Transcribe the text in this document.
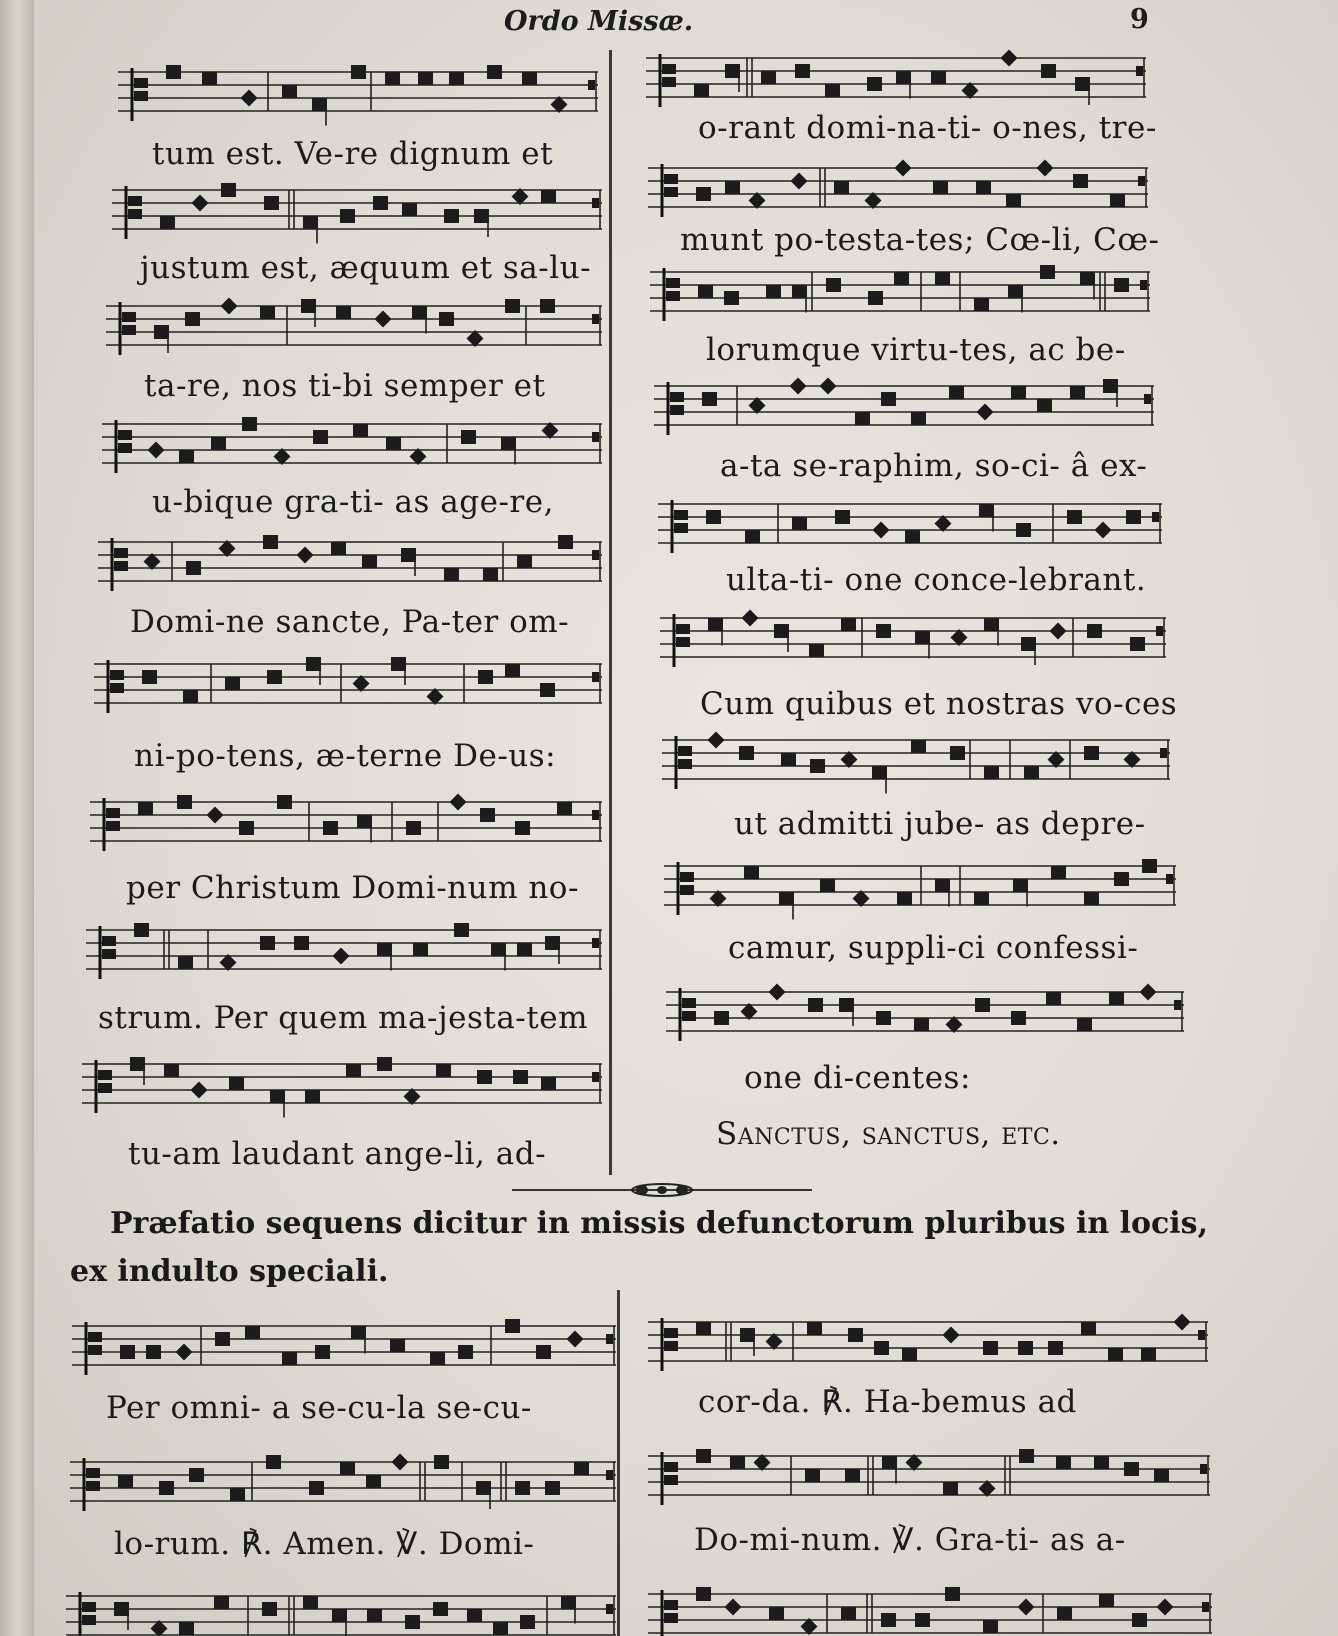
Ordo Missæ.	9
tum est. Ve-re dignum et
justum est, æquum et sa-lu-
ta-re, nos ti-bi semper et
u-bique gra-ti- as age-re,
Domi-ne sancte, Pa-ter om-
ni-po-tens, æ-terne De-us:
per Christum Domi-num no-
strum. Per quem ma-jesta-tem
tu-am laudant ange-li, ad-
o-rant domi-na-ti- o-nes, tre-
munt po-testa-tes; Cœ-li, Cœ-
lorumque virtu-tes, ac be-
a-ta se-raphim, so-ci- â ex-
ulta-ti- one conce-lebrant.
Cum quibus et nostras vo-ces
ut admitti jube- as depre-
camur, suppli-ci confessi-
one di-centes:
Sanctus, sanctus, etc.
Præfatio sequens dicitur in missis defunctorum pluribus in locis,
ex indulto speciali.
Per omni- a se-cu-la se-cu-
lo-rum. ℟. Amen. ℣. Domi-
cor-da. ℟. Ha-bemus ad
Do-mi-num. ℣. Gra-ti- as a-
